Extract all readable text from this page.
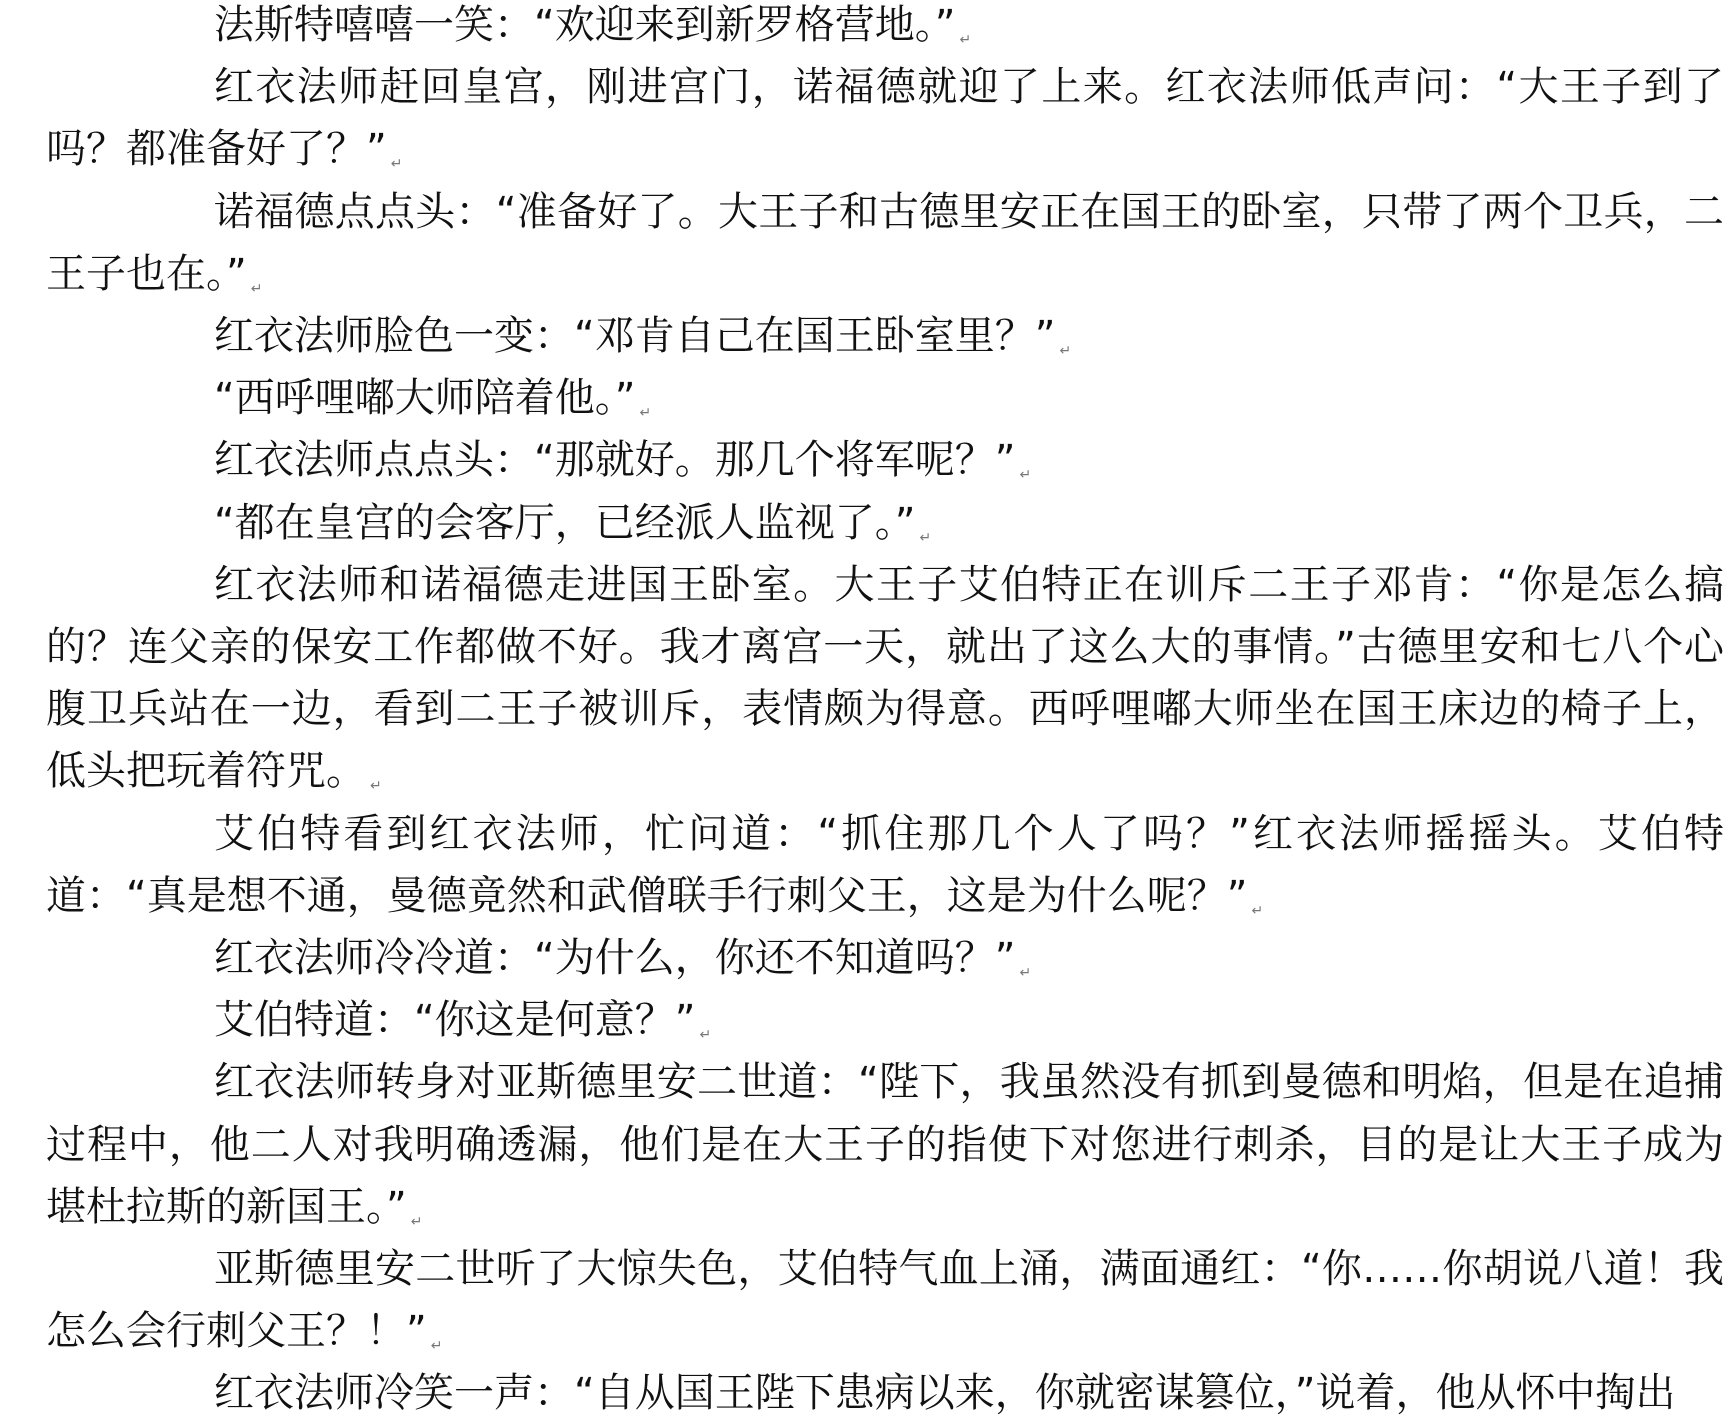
法斯特嘻嘻一笑：“欢迎来到新罗格营地。” ↵

红衣法师赶回皇宫，刚进宫门，诺福德就迎了上来。红衣法师低声问：“大王子到了吗？都准备好了？” ↵

诺福德点点头：“准备好了。大王子和古德里安正在国王的卧室，只带了两个卫兵，二王子也在。” ↵

红衣法师脸色一变：“邓肯自己在国王卧室里？” ↵

“西呼哩嘟大师陪着他。” ↵

红衣法师点点头：“那就好。那几个将军呢？” ↵

“都在皇宫的会客厅，已经派人监视了。” ↵

红衣法师和诺福德走进国王卧室。大王子艾伯特正在训斥二王子邓肯：“你是怎么搞的？连父亲的保安工作都做不好。我才离宫一天，就出了这么大的事情。”古德里安和七八个心腹卫兵站在一边，看到二王子被训斥，表情颇为得意。西呼哩嘟大师坐在国王床边的椅子上，低头把玩着符咒。 ↵

艾伯特看到红衣法师，忙问道：“抓住那几个人了吗？”红衣法师摇摇头。艾伯特道：“真是想不通，曼德竟然和武僧联手行刺父王，这是为什么呢？” ↵

红衣法师冷冷道：“为什么，你还不知道吗？” ↵

艾伯特道：“你这是何意？” ↵

红衣法师转身对亚斯德里安二世道：“陛下，我虽然没有抓到曼德和明焰，但是在追捕过程中，他二人对我明确透漏，他们是在大王子的指使下对您进行刺杀，目的是让大王子成为堪杜拉斯的新国王。” ↵

亚斯德里安二世听了大惊失色，艾伯特气血上涌，满面通红：“你……你胡说八道！我怎么会行刺父王？！” ↵

红衣法师冷笑一声：“自从国王陛下患病以来，你就密谋篡位，”说着，他从怀中掏出
